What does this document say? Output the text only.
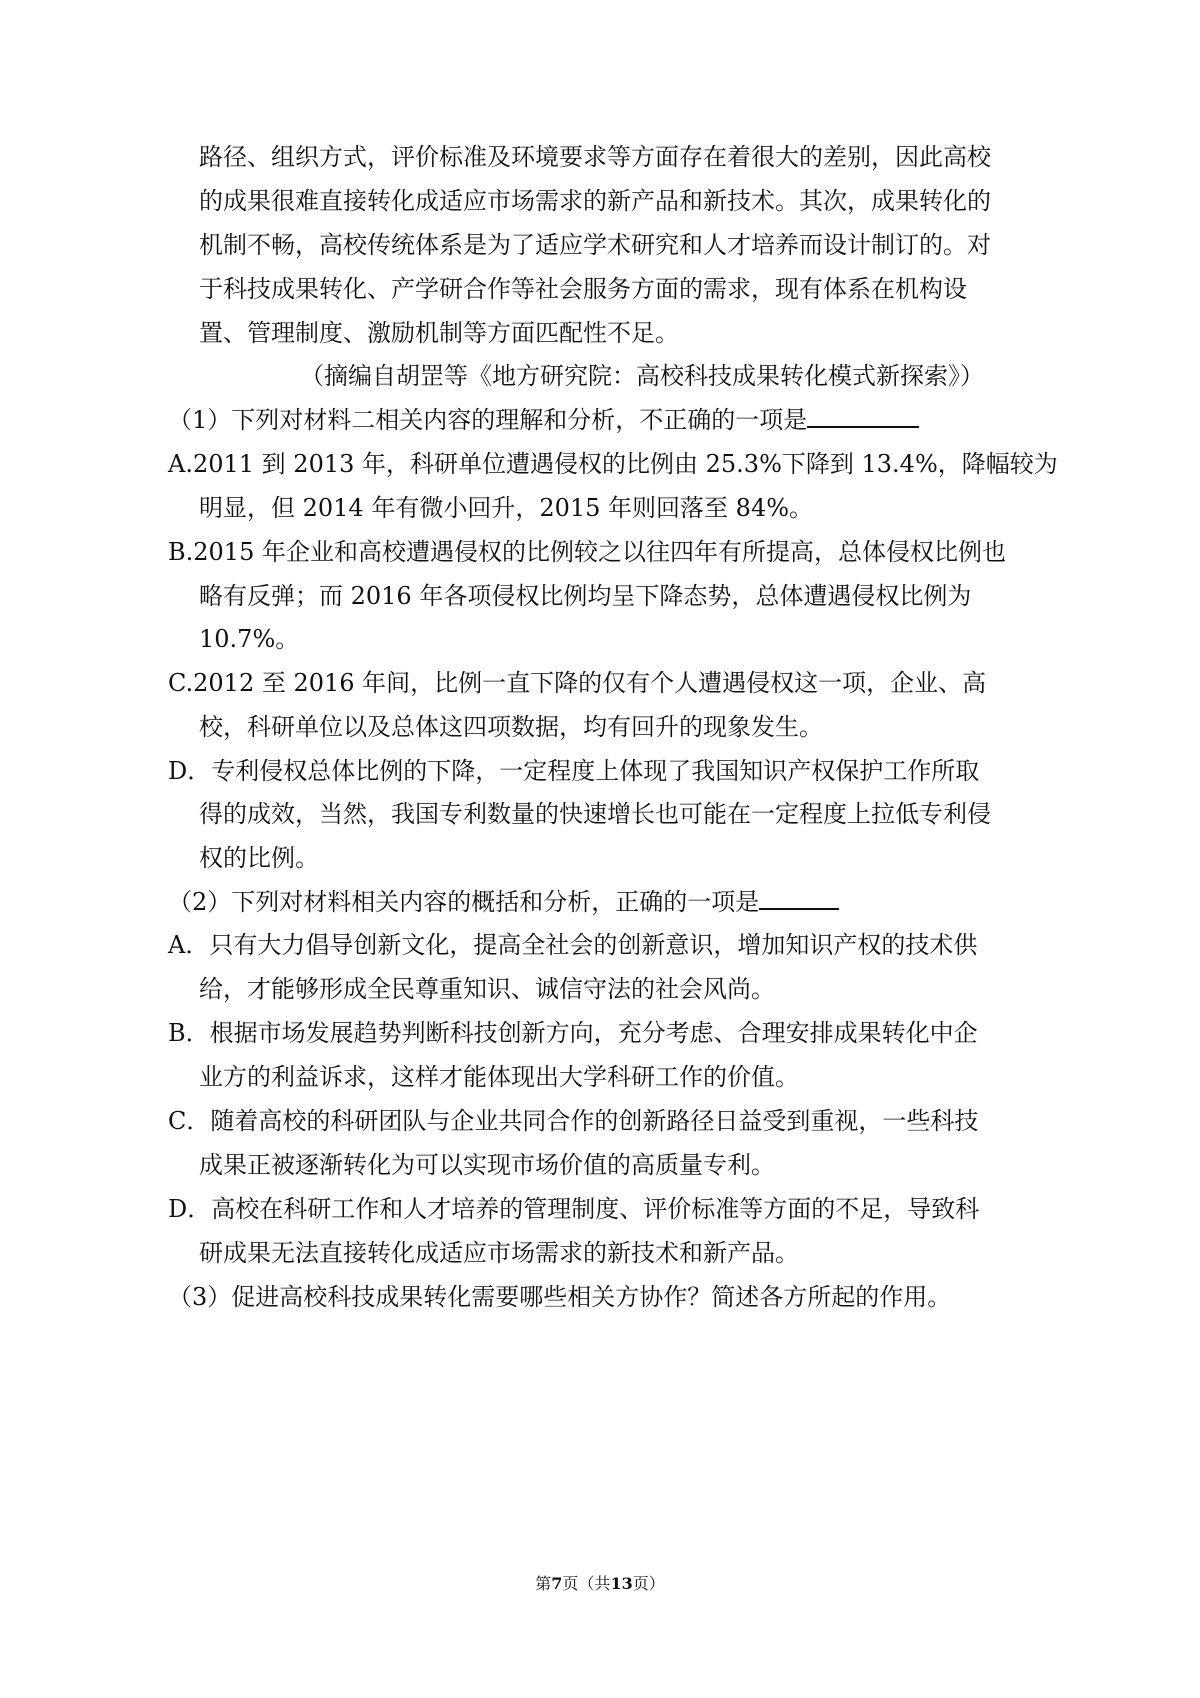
路径、组织方式，评价标准及环境要求等方面存在着很大的差别，因此高校
的成果很难直接转化成适应市场需求的新产品和新技术。其次，成果转化的
机制不畅，高校传统体系是为了适应学术研究和人才培养而设计制订的。对
于科技成果转化、产学研合作等社会服务方面的需求，现有体系在机构设
置、管理制度、激励机制等方面匹配性不足。
（摘编自胡罡等《地方研究院：高校科技成果转化模式新探索》）
（1）下列对材料二相关内容的理解和分析，不正确的一项是
A.2011 到 2013 年，科研单位遭遇侵权的比例由 25.3%下降到 13.4%，降幅较为
明显，但 2014 年有微小回升，2015 年则回落至 84%。
B.2015 年企业和高校遭遇侵权的比例较之以往四年有所提高，总体侵权比例也
略有反弹；而 2016 年各项侵权比例均呈下降态势，总体遭遇侵权比例为
10.7%。
C.2012 至 2016 年间，比例一直下降的仅有个人遭遇侵权这一项，企业、高
校，科研单位以及总体这四项数据，均有回升的现象发生。
D．专利侵权总体比例的下降，一定程度上体现了我国知识产权保护工作所取
得的成效，当然，我国专利数量的快速增长也可能在一定程度上拉低专利侵
权的比例。
（2）下列对材料相关内容的概括和分析，正确的一项是
A．只有大力倡导创新文化，提高全社会的创新意识，增加知识产权的技术供
给，才能够形成全民尊重知识、诚信守法的社会风尚。
B．根据市场发展趋势判断科技创新方向，充分考虑、合理安排成果转化中企
业方的利益诉求，这样才能体现出大学科研工作的价值。
C．随着高校的科研团队与企业共同合作的创新路径日益受到重视，一些科技
成果正被逐渐转化为可以实现市场价值的高质量专利。
D．高校在科研工作和人才培养的管理制度、评价标准等方面的不足，导致科
研成果无法直接转化成适应市场需求的新技术和新产品。
（3）促进高校科技成果转化需要哪些相关方协作？简述各方所起的作用。
第7页（共13页）
